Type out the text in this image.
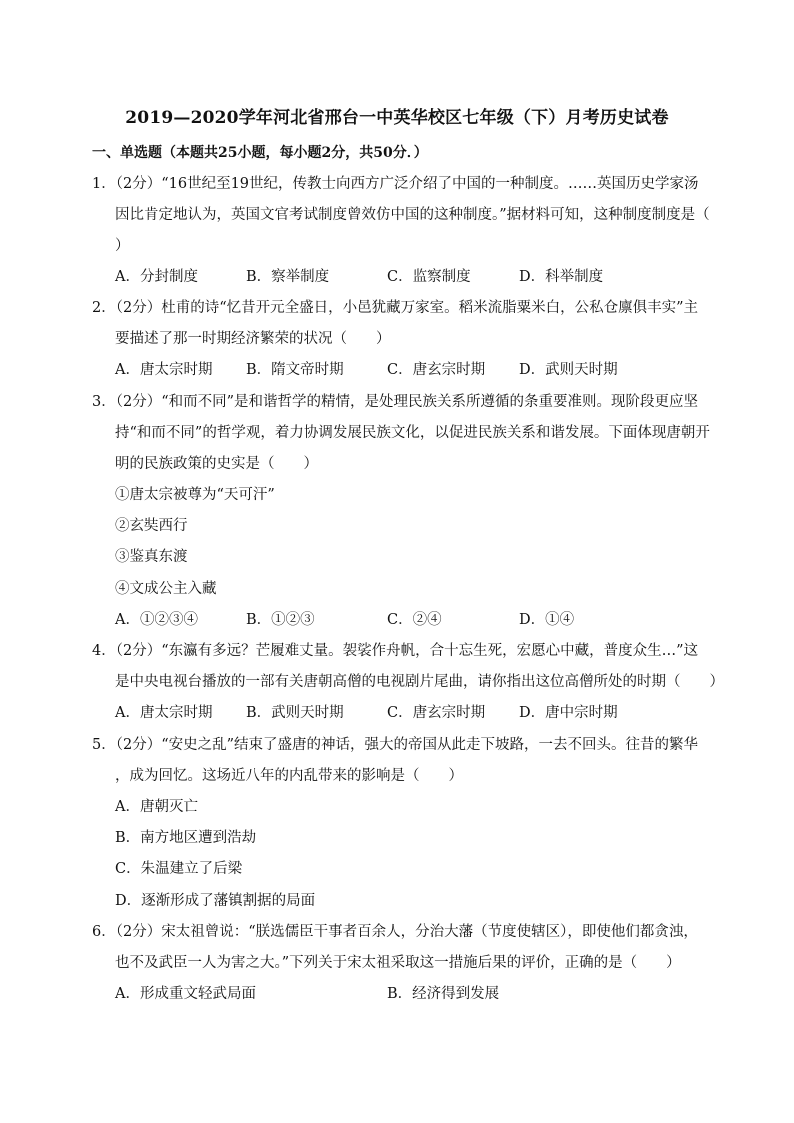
2019—2020学年河北省邢台一中英华校区七年级（下）月考历史试卷
一、单选题（本题共25小题，每小题2分，共50分．）
1．（2分）“16世纪至19世纪，传教士向西方广泛介绍了中国的一种制度。……英国历史学家汤
因比肯定地认为，英国文官考试制度曾效仿中国的这种制度。”据材料可知，这种制度制度是（
）
A．分封制度	B．察举制度	C．监察制度	D．科举制度
2．（2分）杜甫的诗“忆昔开元全盛日，小邑犹藏万家室。稻米流脂粟米白，公私仓廪俱丰实”主
要描述了那一时期经济繁荣的状况（　　）
A．唐太宗时期 B．隋文帝时期	C．唐玄宗时期 D．武则天时期
3．（2分）“和而不同”是和谐哲学的精情，是处理民族关系所遵循的条重要准则。现阶段更应坚
持“和而不同”的哲学观，着力协调发展民族文化，以促进民族关系和谐发展。下面体现唐朝开
明的民族政策的史实是（　　）
①唐太宗被尊为“天可汗”
②玄奘西行
③鉴真东渡
④文成公主入藏
A．①②③④	B．①②③	C．②④	D．①④
4．（2分）“东瀛有多远？芒履难丈量。袈裟作舟帆，合十忘生死，宏愿心中藏，普度众生…”这
是中央电视台播放的一部有关唐朝高僧的电视剧片尾曲，请你指出这位高僧所处的时期（　　）
A．唐太宗时期 B．武则天时期	C．唐玄宗时期 D．唐中宗时期
5．（2分）“安史之乱”结束了盛唐的神话，强大的帝国从此走下坡路，一去不回头。往昔的繁华
，成为回忆。这场近八年的内乱带来的影响是（　　）
A．唐朝灭亡
B．南方地区遭到浩劫
C．朱温建立了后梁
D．逐渐形成了藩镇割据的局面
6．（2分）宋太祖曾说：“朕选儒臣干事者百余人，分治大藩（节度使辖区），即使他们都贪浊，
也不及武臣一人为害之大。”下列关于宋太祖采取这一措施后果的评价，正确的是（　　）
A．形成重文轻武局面	B．经济得到发展
